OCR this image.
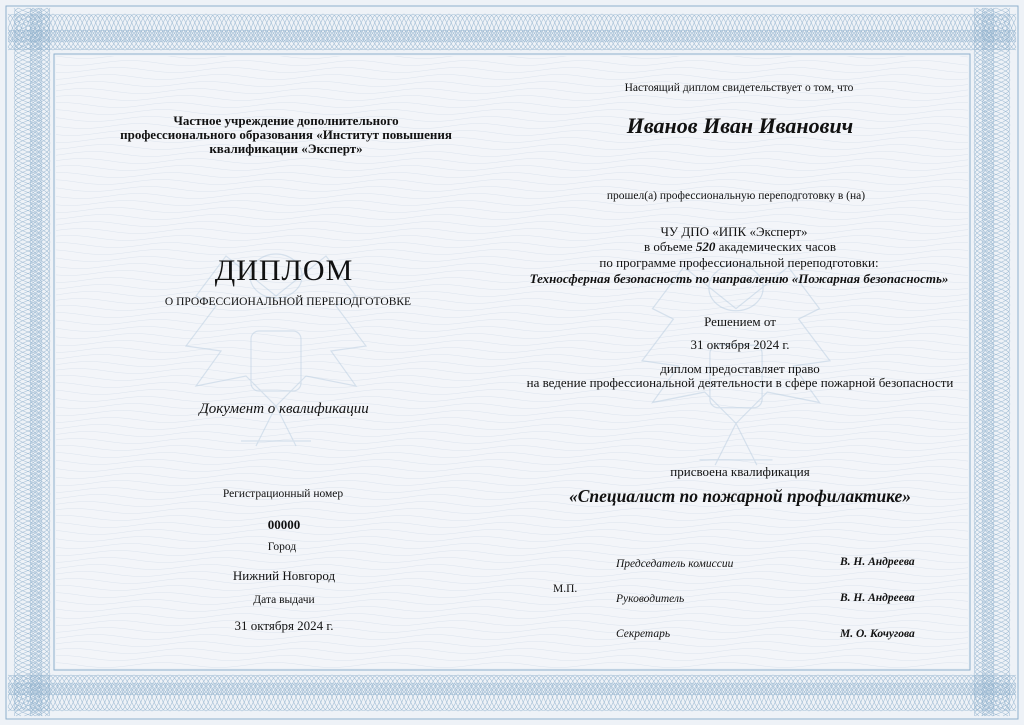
Частное учреждение дополнительного
профессионального образования «Институт повышения
квалификации «Эксперт»
ДИПЛОМ
О ПРОФЕССИОНАЛЬНОЙ ПЕРЕПОДГОТОВКЕ
Документ о квалификации
Регистрационный номер
00000
Город
Нижний Новгород
Дата выдачи
31 октября 2024 г.
Настоящий диплом свидетельствует о том, что
Иванов Иван Иванович
прошел(а) профессиональную переподготовку в (на)
ЧУ ДПО «ИПК «Эксперт»
в объеме 520 академических часов
по программе профессиональной переподготовки:
Техносферная безопасность по направлению «Пожарная безопасность»
Решением от
31 октября 2024 г.
диплом предоставляет право
на ведение профессиональной деятельности в сфере пожарной безопасности
присвоена квалификация
«Специалист по пожарной профилактике»
М.П.
Председатель комиссии	В. Н. Андреева
Руководитель	В. Н. Андреева
Секретарь	М. О. Кочугова
